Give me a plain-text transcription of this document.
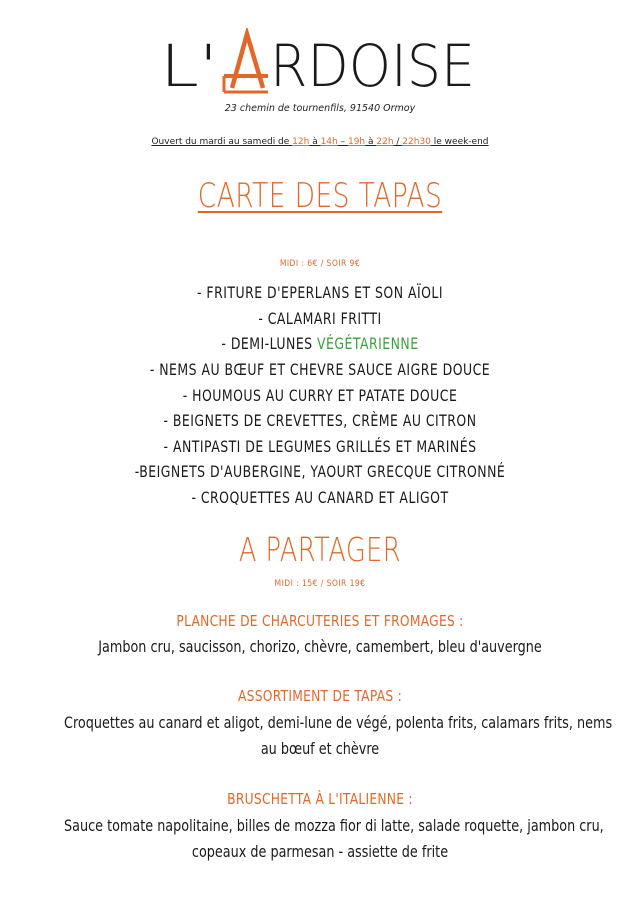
L' RDOISE
23 chemin de tournenfils, 91540 Ormoy
Ouvert du mardi au samedi de 12h à 14h – 19h à 22h / 22h30 le week-end
CARTE DES TAPAS
MIDI : 6€ / SOIR 9€
- FRITURE D'EPERLANS ET SON AÏOLI
- CALAMARI FRITTI
- DEMI-LUNES VÉGÉTARIENNE
- NEMS AU BŒUF ET CHEVRE SAUCE AIGRE DOUCE
- HOUMOUS AU CURRY ET PATATE DOUCE
- BEIGNETS DE CREVETTES, CRÈME AU CITRON
- ANTIPASTI DE LEGUMES GRILLÉS ET MARINÉS
-BEIGNETS D'AUBERGINE, YAOURT GRECQUE CITRONNÉ
- CROQUETTES AU CANARD ET ALIGOT
A PARTAGER
MIDI : 15€ / SOIR 19€
PLANCHE DE CHARCUTERIES ET FROMAGES :
Jambon cru, saucisson, chorizo, chèvre, camembert, bleu d'auvergne
ASSORTIMENT DE TAPAS :
Croquettes au canard et aligot, demi-lune de végé, polenta frits, calamars frits, nems
au bœuf et chèvre
BRUSCHETTA À L'ITALIENNE :
Sauce tomate napolitaine, billes de mozza fior di latte, salade roquette, jambon cru,
copeaux de parmesan - assiette de frite
